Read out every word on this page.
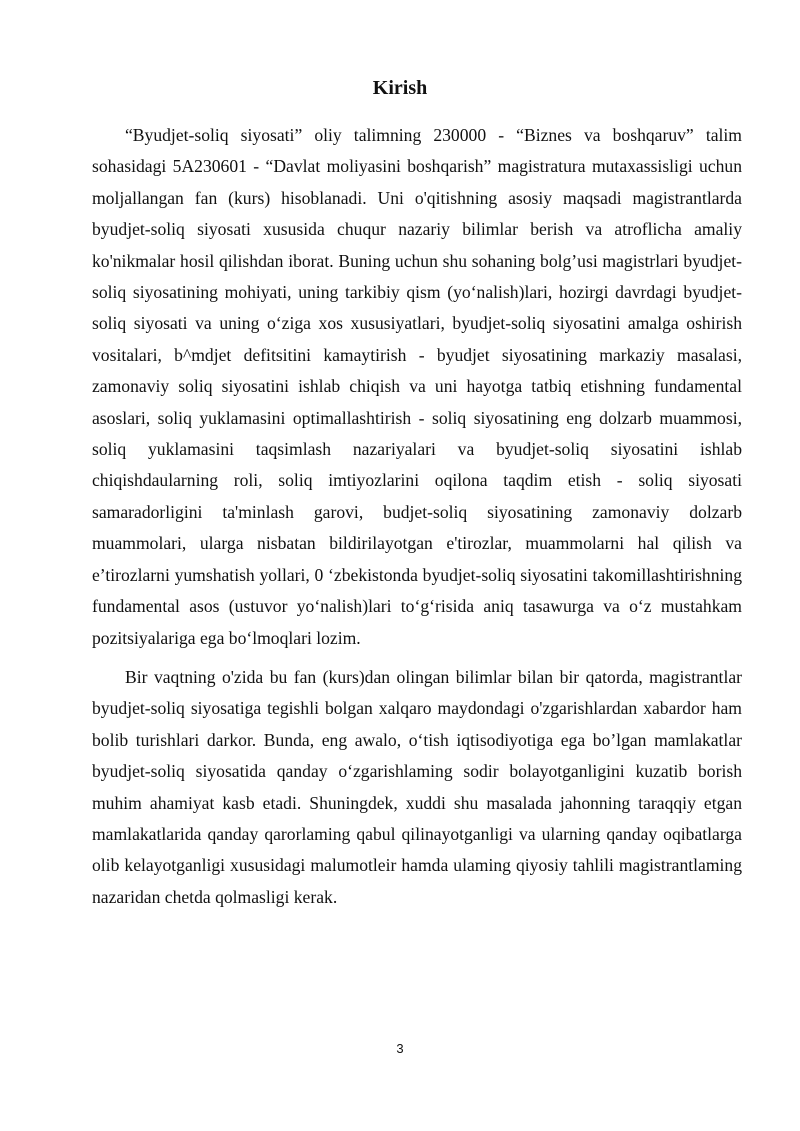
Kirish

“Byudjet-soliq siyosati” oliy talimning 230000 - “Biznes va boshqaruv” talim sohasidagi 5A230601 - “Davlat moliyasini boshqarish” magistratura mutaxassisligi uchun moljallangan fan (kurs) hisoblanadi. Uni o'qitishning asosiy maqsadi magistrantlarda byudjet-soliq siyosati xususida chuqur nazariy bilimlar berish va atroflicha amaliy ko'nikmalar hosil qilishdan iborat. Buning uchun shu sohaning bolg’usi magistrlari byudjet-soliq siyosatining mohiyati, uning tarkibiy qism (yo‘nalish)lari, hozirgi davrdagi byudjet-soliq siyosati va uning o‘ziga xos xususiyatlari, byudjet-soliq siyosatini amalga oshirish vositalari, b^mdjet defitsitini kamaytirish - byudjet siyosatining markaziy masalasi, zamonaviy soliq siyosatini ishlab chiqish va uni hayotga tatbiq etishning fundamental asoslari, soliq yuklamasini optimallashtirish - soliq siyosatining eng dolzarb muammosi, soliq yuklamasini taqsimlash nazariyalari va byudjet-soliq siyosatini ishlab chiqishdaularning roli, soliq imtiyozlarini oqilona taqdim etish - soliq siyosati samaradorligini ta'minlash garovi, budjet-soliq siyosatining zamonaviy dolzarb muammolari, ularga nisbatan bildirilayotgan e'tirozlar, muammolarni hal qilish va e’tirozlarni yumshatish yollari, 0 ‘zbekistonda byudjet-soliq siyosatini takomillashtirishning fundamental asos (ustuvor yo‘nalish)lari to‘g‘risida aniq tasawurga va o‘z mustahkam pozitsiyalariga ega bo‘lmoqlari lozim.

Bir vaqtning o'zida bu fan (kurs)dan olingan bilimlar bilan bir qatorda, magistrantlar byudjet-soliq siyosatiga tegishli bolgan xalqaro maydondagi o'zgarishlardan xabardor ham bolib turishlari darkor. Bunda, eng awalo, o‘tish iqtisodiyotiga ega bo’lgan mamlakatlar byudjet-soliq siyosatida qanday o‘zgarishlaming sodir bolayotganligini kuzatib borish muhim ahamiyat kasb etadi. Shuningdek, xuddi shu masalada jahonning taraqqiy etgan mamlakatlarida qanday qarorlaming qabul qilinayotganligi va ularning qanday oqibatlarga olib kelayotganligi xususidagi malumotleir hamda ulaming qiyosiy tahlili magistrantlaming nazaridan chetda qolmasligi kerak.

3
